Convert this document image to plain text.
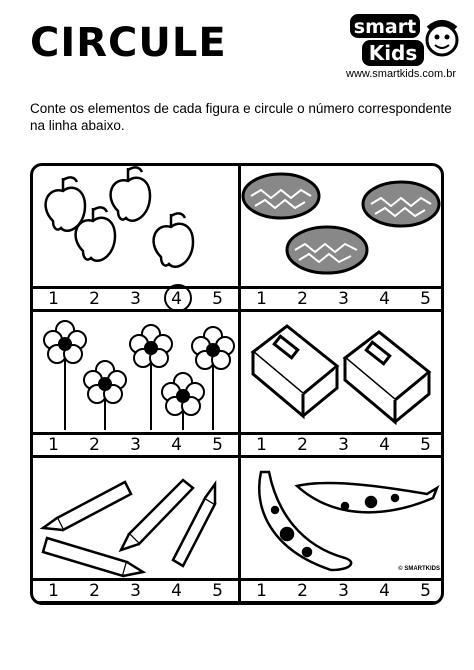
CIRCULE	smart
Kids
www.smartkids.com.br
Conte os elementos de cada figura e circule o número correspondente na linha abaixo.
1	2	3	4	5	1	2	3	4	5
1	2	3	4	5	1	2	3	4	5
1	2	3	4	5
© SMARTKIDS
1	2	3	4	5
